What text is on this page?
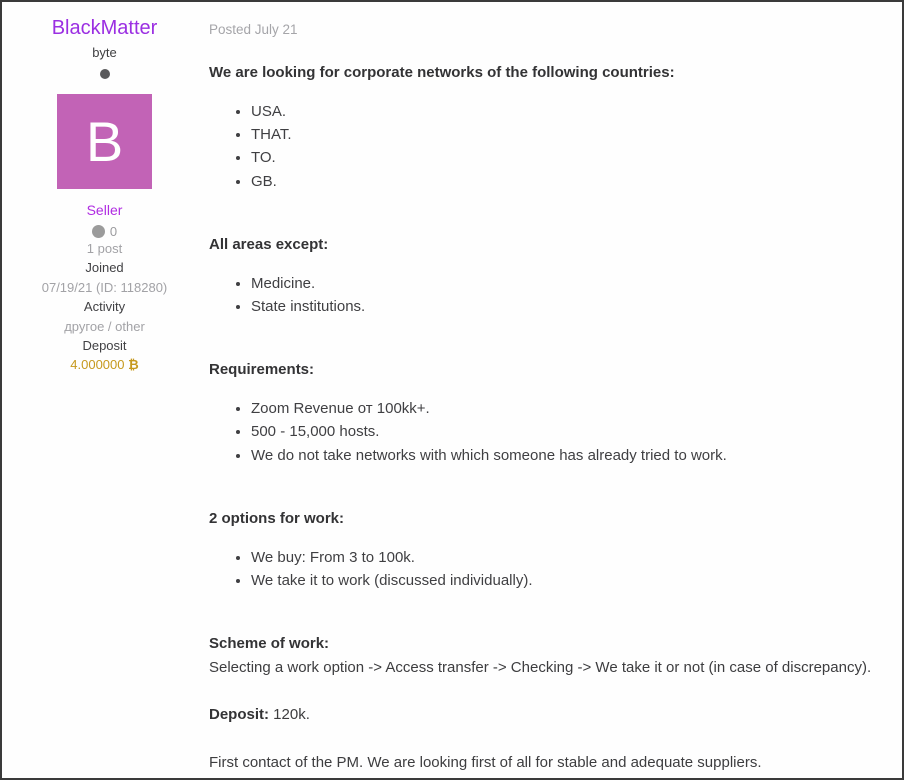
BlackMatter
byte
B
Seller
0
1 post
Joined
07/19/21 (ID: 118280)
Activity
другое / other
Deposit
4.000000 ₿
Posted July 21

We are looking for corporate networks of the following countries:

• USA.
• THAT.
• TO.
• GB.

All areas except:

• Medicine.
• State institutions.

Requirements:

• Zoom Revenue от 100kk+.
• 500 - 15,000 hosts.
• We do not take networks with which someone has already tried to work.

2 options for work:

• We buy: From 3 to 100k.
• We take it to work (discussed individually).

Scheme of work:

Selecting a work option -> Access transfer -> Checking -> We take it or not (in case of discrepancy).

Deposit: 120k.

First contact of the PM. We are looking first of all for stable and adequate suppliers.
